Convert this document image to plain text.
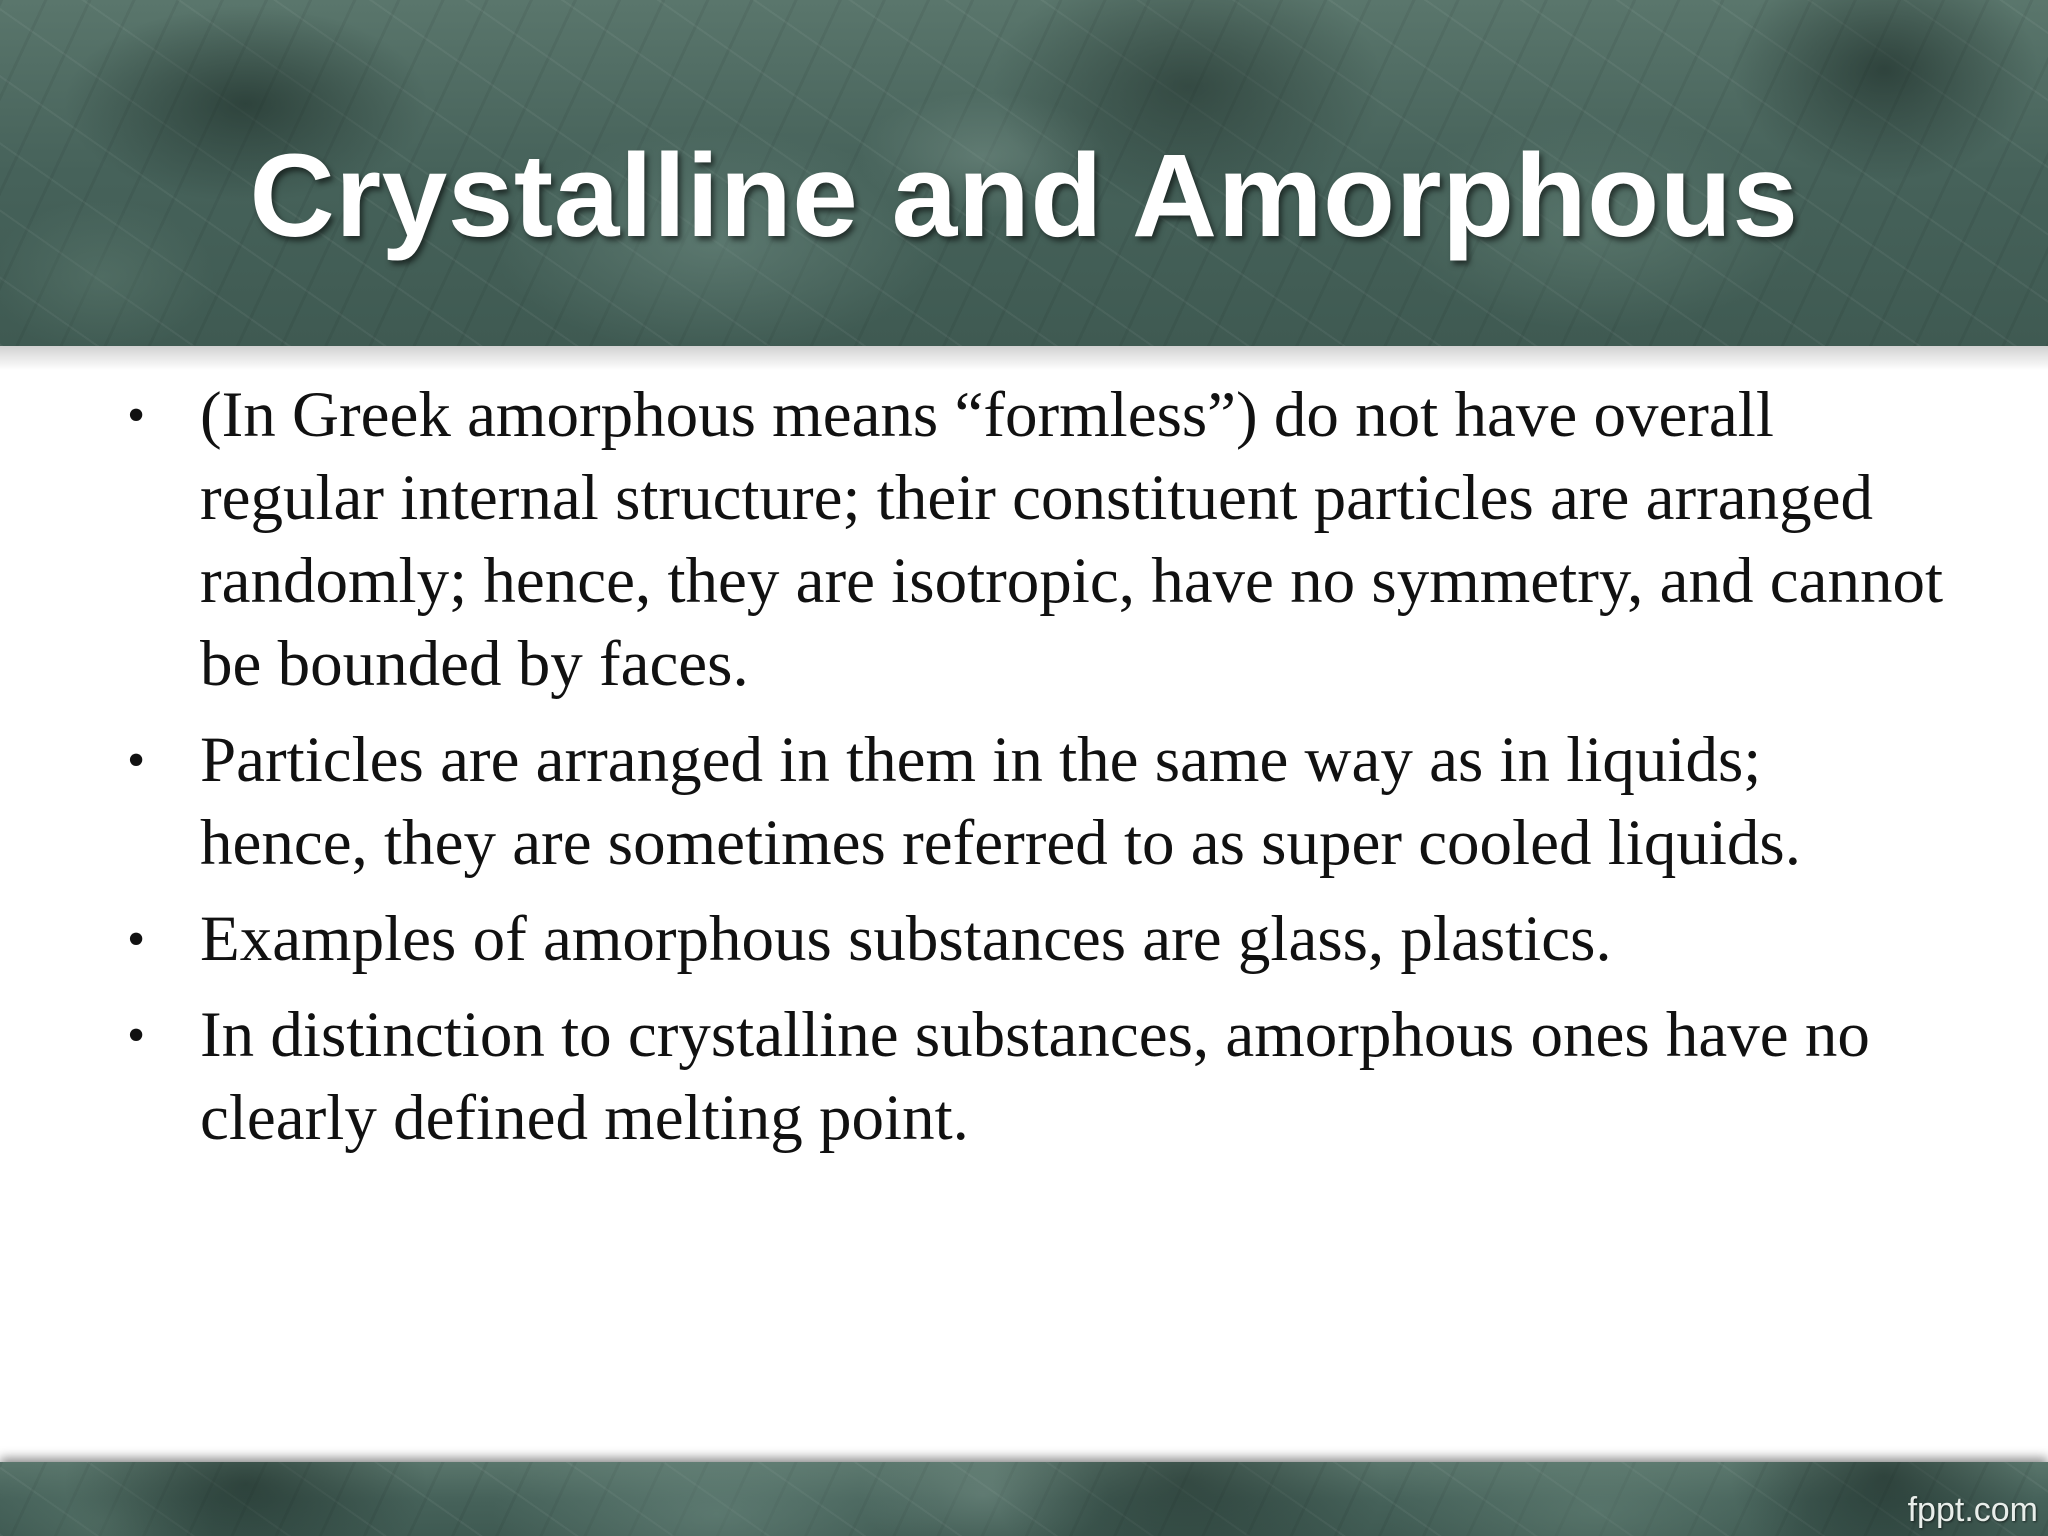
Crystalline and Amorphous
• (In Greek amorphous means “formless”) do not have overall regular internal structure; their constituent particles are arranged randomly; hence, they are isotropic, have no symmetry, and cannot be bounded by faces.
• Particles are arranged in them in the same way as in liquids; hence, they are sometimes referred to as super cooled liquids.
• Examples of amorphous substances are glass, plastics.
• In distinction to crystalline substances, amorphous ones have no clearly defined melting point.
fppt.com
